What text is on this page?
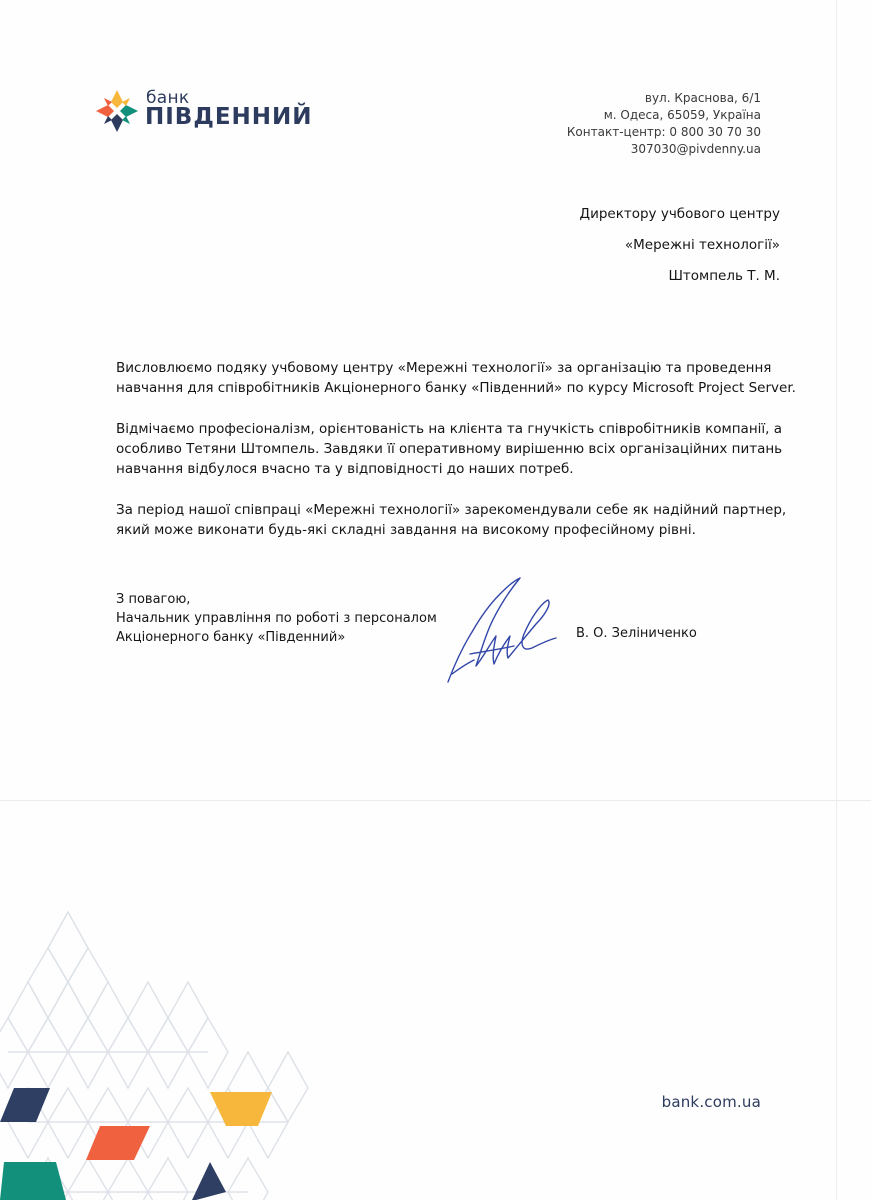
банк
ПІВДЕННИЙ
вул. Краснова, 6/1
м. Одеса, 65059, Україна
Контакт-центр: 0 800 30 70 30
307030@pivdenny.ua
Директору учбового центру
«Мережні технології»
Штомпель Т. М.

Висловлюємо подяку учбовому центру «Мережні технології» за організацію та проведення навчання для співробітників Акціонерного банку «Південний» по курсу Microsoft Project Server.

Відмічаємо професіоналізм, орієнтованість на клієнта та гнучкість співробітників компанії, а особливо Тетяни Штомпель. Завдяки її оперативному вирішенню всіх організаційних питань навчання відбулося вчасно та у відповідності до наших потреб.

За період нашої співпраці «Мережні технології» зарекомендували себе як надійний партнер, який може виконати будь-які складні завдання на високому професійному рівні.

З повагою,
Начальник управління по роботі з персоналом
Акціонерного банку «Південний»	В. О. Зеліниченко
bank.com.ua
